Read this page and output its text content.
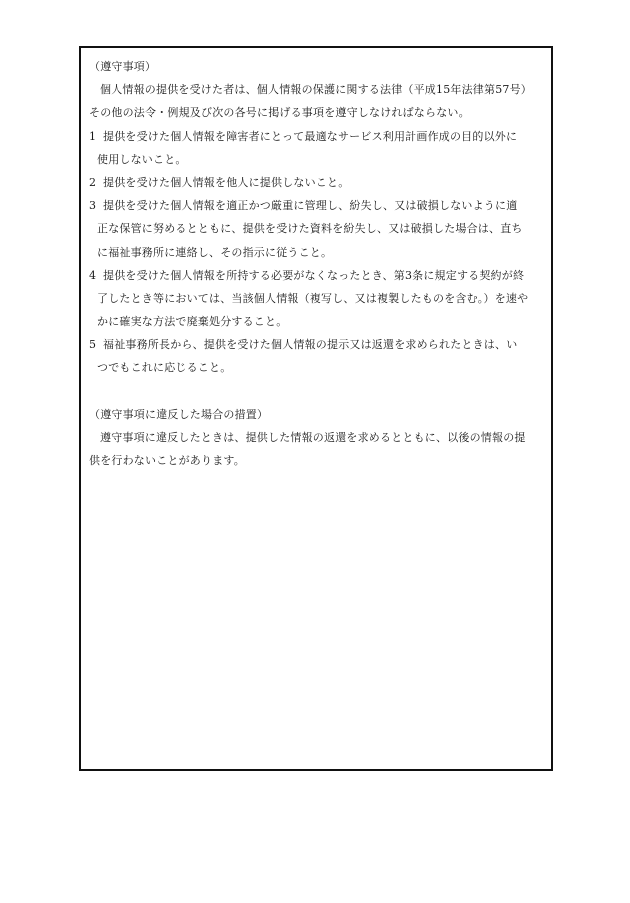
（遵守事項）
個人情報の提供を受けた者は、個人情報の保護に関する法律（平成15年法律第57号）
その他の法令・例規及び次の各号に掲げる事項を遵守しなければならない。
1 提供を受けた個人情報を障害者にとって最適なサービス利用計画作成の目的以外に
使用しないこと。
2 提供を受けた個人情報を他人に提供しないこと。
3 提供を受けた個人情報を適正かつ厳重に管理し、紛失し、又は破損しないように適
正な保管に努めるとともに、提供を受けた資料を紛失し、又は破損した場合は、直ち
に福祉事務所に連絡し、その指示に従うこと。
4 提供を受けた個人情報を所持する必要がなくなったとき、第3条に規定する契約が終
了したとき等においては、当該個人情報（複写し、又は複製したものを含む。）を速や
かに確実な方法で廃棄処分すること。
5 福祉事務所長から、提供を受けた個人情報の提示又は返還を求められたときは、い
つでもこれに応じること。
（遵守事項に違反した場合の措置）
遵守事項に違反したときは、提供した情報の返還を求めるとともに、以後の情報の提
供を行わないことがあります。
